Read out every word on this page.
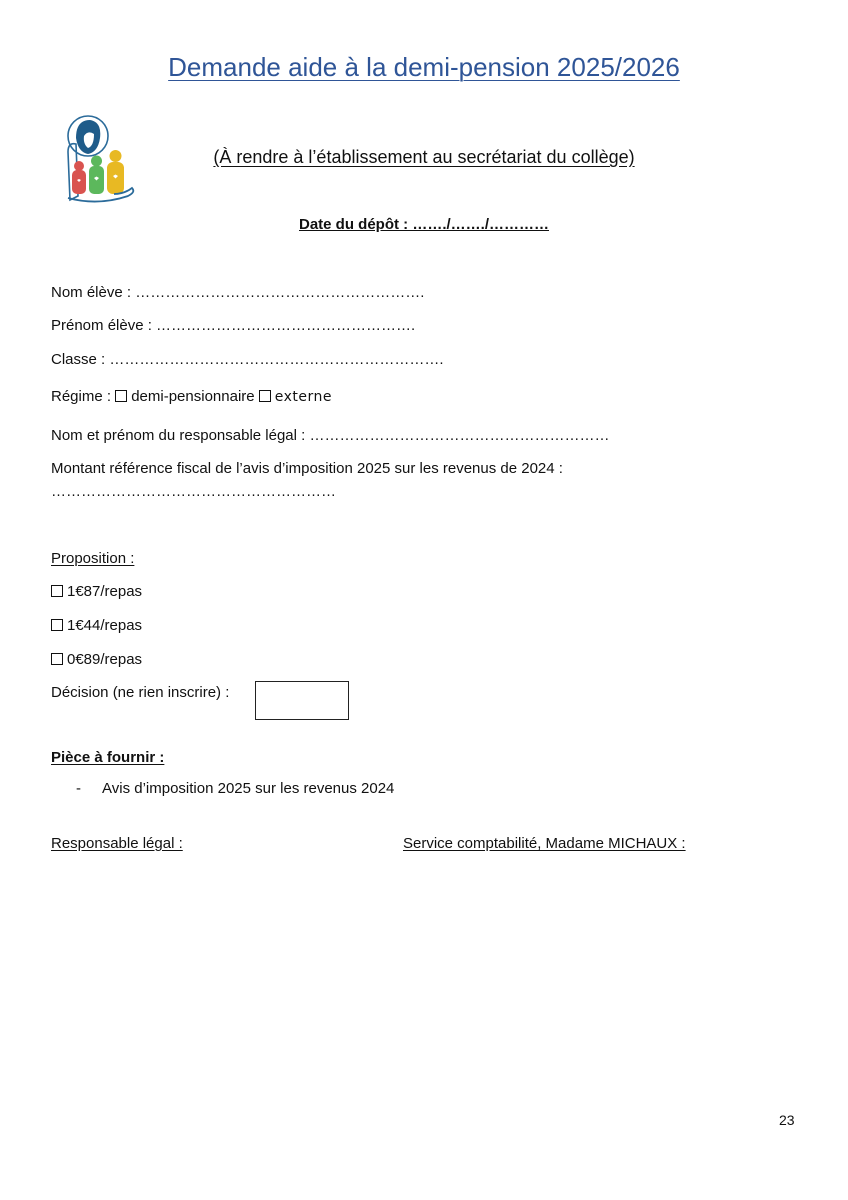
Demande aide à la demi-pension 2025/2026
(À rendre à l’établissement au secrétariat du collège)
Date du dépôt : ……./……./…………
Nom élève : ………………………………………………….
Prénom élève : …………………………………………….
Classe : ………………………………………………………….
Régime : demi-pensionnaire externe
Nom et prénom du responsable légal : ……………………………………………………
Montant référence fiscal de l’avis d’imposition 2025 sur les revenus de 2024 :
…………………………………………………
Proposition :
1€87/repas
1€44/repas
0€89/repas
Décision (ne rien inscrire) :
Pièce à fournir :
- Avis d’imposition 2025 sur les revenus 2024
Responsable légal :	Service comptabilité, Madame MICHAUX :
23
